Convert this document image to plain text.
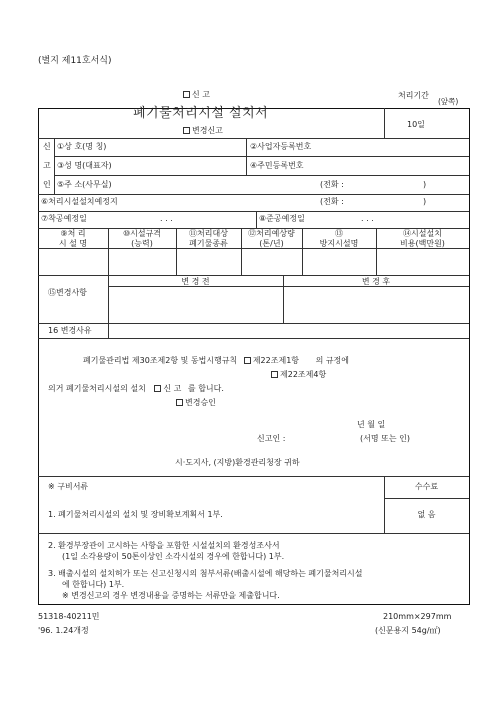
(별지 제11호서식)
(앞쪽)
신 고
폐기물처리시설 설치서
변경신고
처리기간
10일
신
고
인
①상 호(명 칭)	②사업자등록번호
③성 명(대표자)	④주민등록번호
⑤주 소(사무실)	(전화 :	)
⑥처리시설설치예정지	(전화 :	)
⑦착공예정일	. . .	⑧준공예정일	. . .
⑨처 리
시 설 명
⑩시설규격
(능력)
⑪처리대상
폐기물종류
⑫처리예상량
(톤/년)
⑬
방지시설명
⑭시설설치
비용(백만원)
변 경 전	변 경 후
⑮변경사항
16 변경사유
폐기물관리법 제30조제2항 및 동법시행규칙 제22조제1항 의 규정에
제22조제4항
의거 폐기물처리시설의 설치 신 고 를 합니다.
변경승인
년 월 일
신고인 :	(서명 또는 인)
시·도지사, (지방)환경관리청장 귀하
※ 구비서류	수수료
없 음
1. 폐기물처리시설의 설치 및 장비확보계획서 1부.
2. 환경부장관이 고시하는 사항을 포함한 시설설치의 환경성조사서
(1일 소각용량이 50톤이상인 소각시설의 경우에 한합니다) 1부.
3. 배출시설의 설치허가 또는 신고신청시의 첨부서류(배출시설에 해당하는 폐기물처리시설
에 한합니다) 1부.
※ 변경신고의 경우 변경내용을 증명하는 서류만을 제출합니다.
51318-40211민
'96. 1.24개정
210mm×297mm
(신문용지 54g/㎡)
